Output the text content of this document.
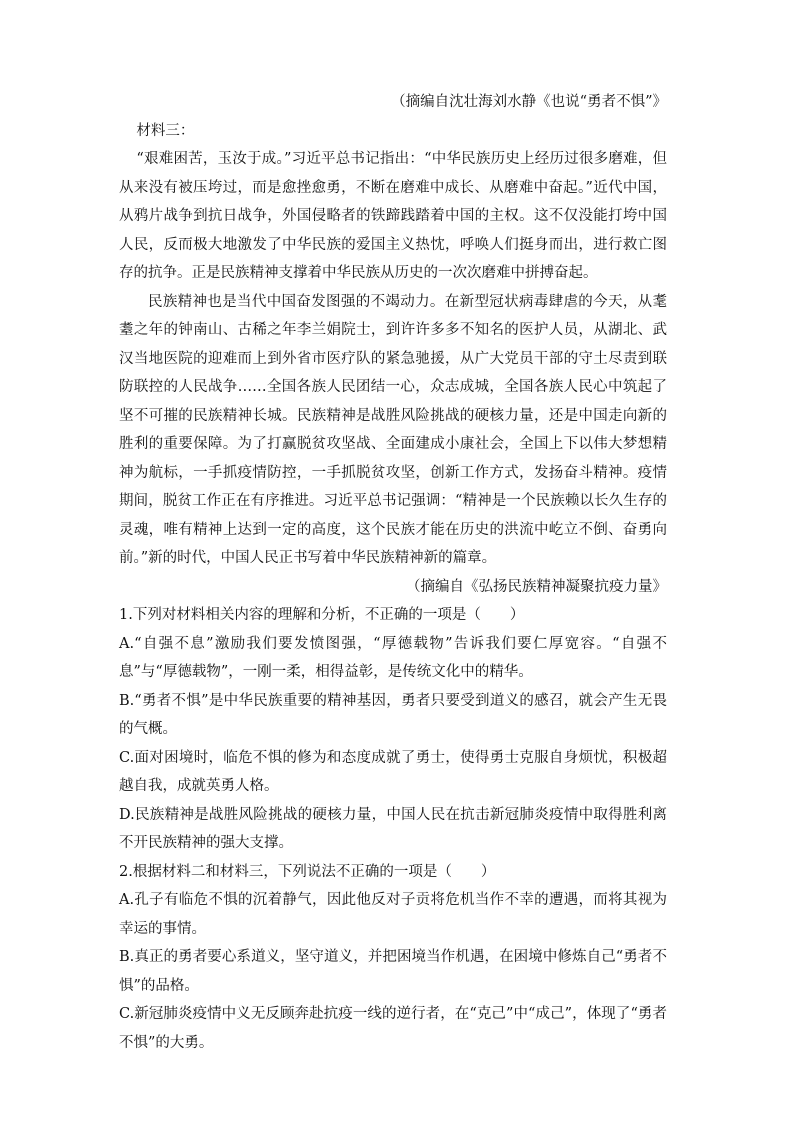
（摘编自沈壮海刘水静《也说“勇者不惧”》

材料三：

“艰难困苦，玉汝于成。”习近平总书记指出：“中华民族历史上经历过很多磨难，但从来没有被压垮过，而是愈挫愈勇，不断在磨难中成长、从磨难中奋起。”近代中国，从鸦片战争到抗日战争，外国侵略者的铁蹄践踏着中国的主权。这不仅没能打垮中国人民，反而极大地激发了中华民族的爱国主义热忱，呼唤人们挺身而出，进行救亡图存的抗争。正是民族精神支撑着中华民族从历史的一次次磨难中拼搏奋起。

民族精神也是当代中国奋发图强的不竭动力。在新型冠状病毒肆虐的今天，从耄耋之年的钟南山、古稀之年李兰娟院士，到许许多多不知名的医护人员，从湖北、武汉当地医院的迎难而上到外省市医疗队的紧急驰援，从广大党员干部的守土尽责到联防联控的人民战争……全国各族人民团结一心，众志成城，全国各族人民心中筑起了坚不可摧的民族精神长城。民族精神是战胜风险挑战的硬核力量，还是中国走向新的胜利的重要保障。为了打赢脱贫攻坚战、全面建成小康社会，全国上下以伟大梦想精神为航标，一手抓疫情防控，一手抓脱贫攻坚，创新工作方式，发扬奋斗精神。疫情期间，脱贫工作正在有序推进。习近平总书记强调：“精神是一个民族赖以长久生存的灵魂，唯有精神上达到一定的高度，这个民族才能在历史的洪流中屹立不倒、奋勇向前。”新的时代，中国人民正书写着中华民族精神新的篇章。

（摘编自《弘扬民族精神凝聚抗疫力量》

1.下列对材料相关内容的理解和分析，不正确的一项是（　　）

A.“自强不息”激励我们要发愤图强，“厚德载物”告诉我们要仁厚宽容。“自强不息”与“厚德载物”，一刚一柔，相得益彰，是传统文化中的精华。

B.“勇者不惧”是中华民族重要的精神基因，勇者只要受到道义的感召，就会产生无畏的气概。

C.面对困境时，临危不惧的修为和态度成就了勇士，使得勇士克服自身烦忧，积极超越自我，成就英勇人格。

D.民族精神是战胜风险挑战的硬核力量，中国人民在抗击新冠肺炎疫情中取得胜利离不开民族精神的强大支撑。

2.根据材料二和材料三，下列说法不正确的一项是（　　）

A.孔子有临危不惧的沉着静气，因此他反对子贡将危机当作不幸的遭遇，而将其视为幸运的事情。

B.真正的勇者要心系道义，坚守道义，并把困境当作机遇，在困境中修炼自己“勇者不惧”的品格。

C.新冠肺炎疫情中义无反顾奔赴抗疫一线的逆行者，在“克己”中“成己”，体现了“勇者不惧”的大勇。
